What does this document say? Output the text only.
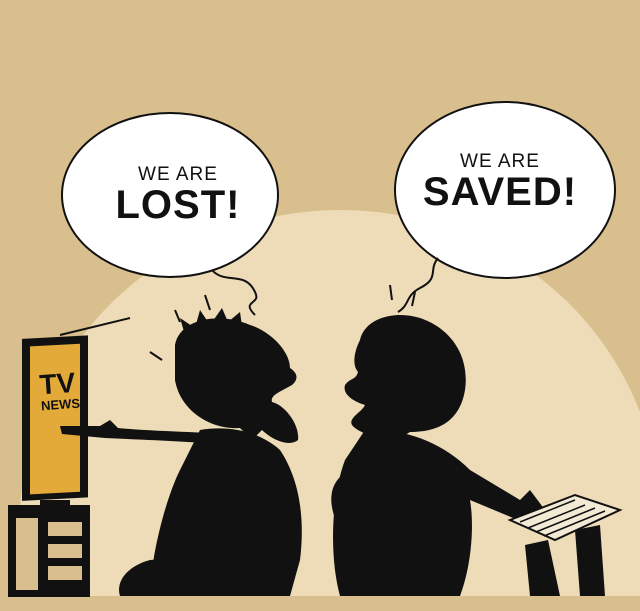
WE ARE
LOST!
WE ARE
SAVED!
TV
NEWS
